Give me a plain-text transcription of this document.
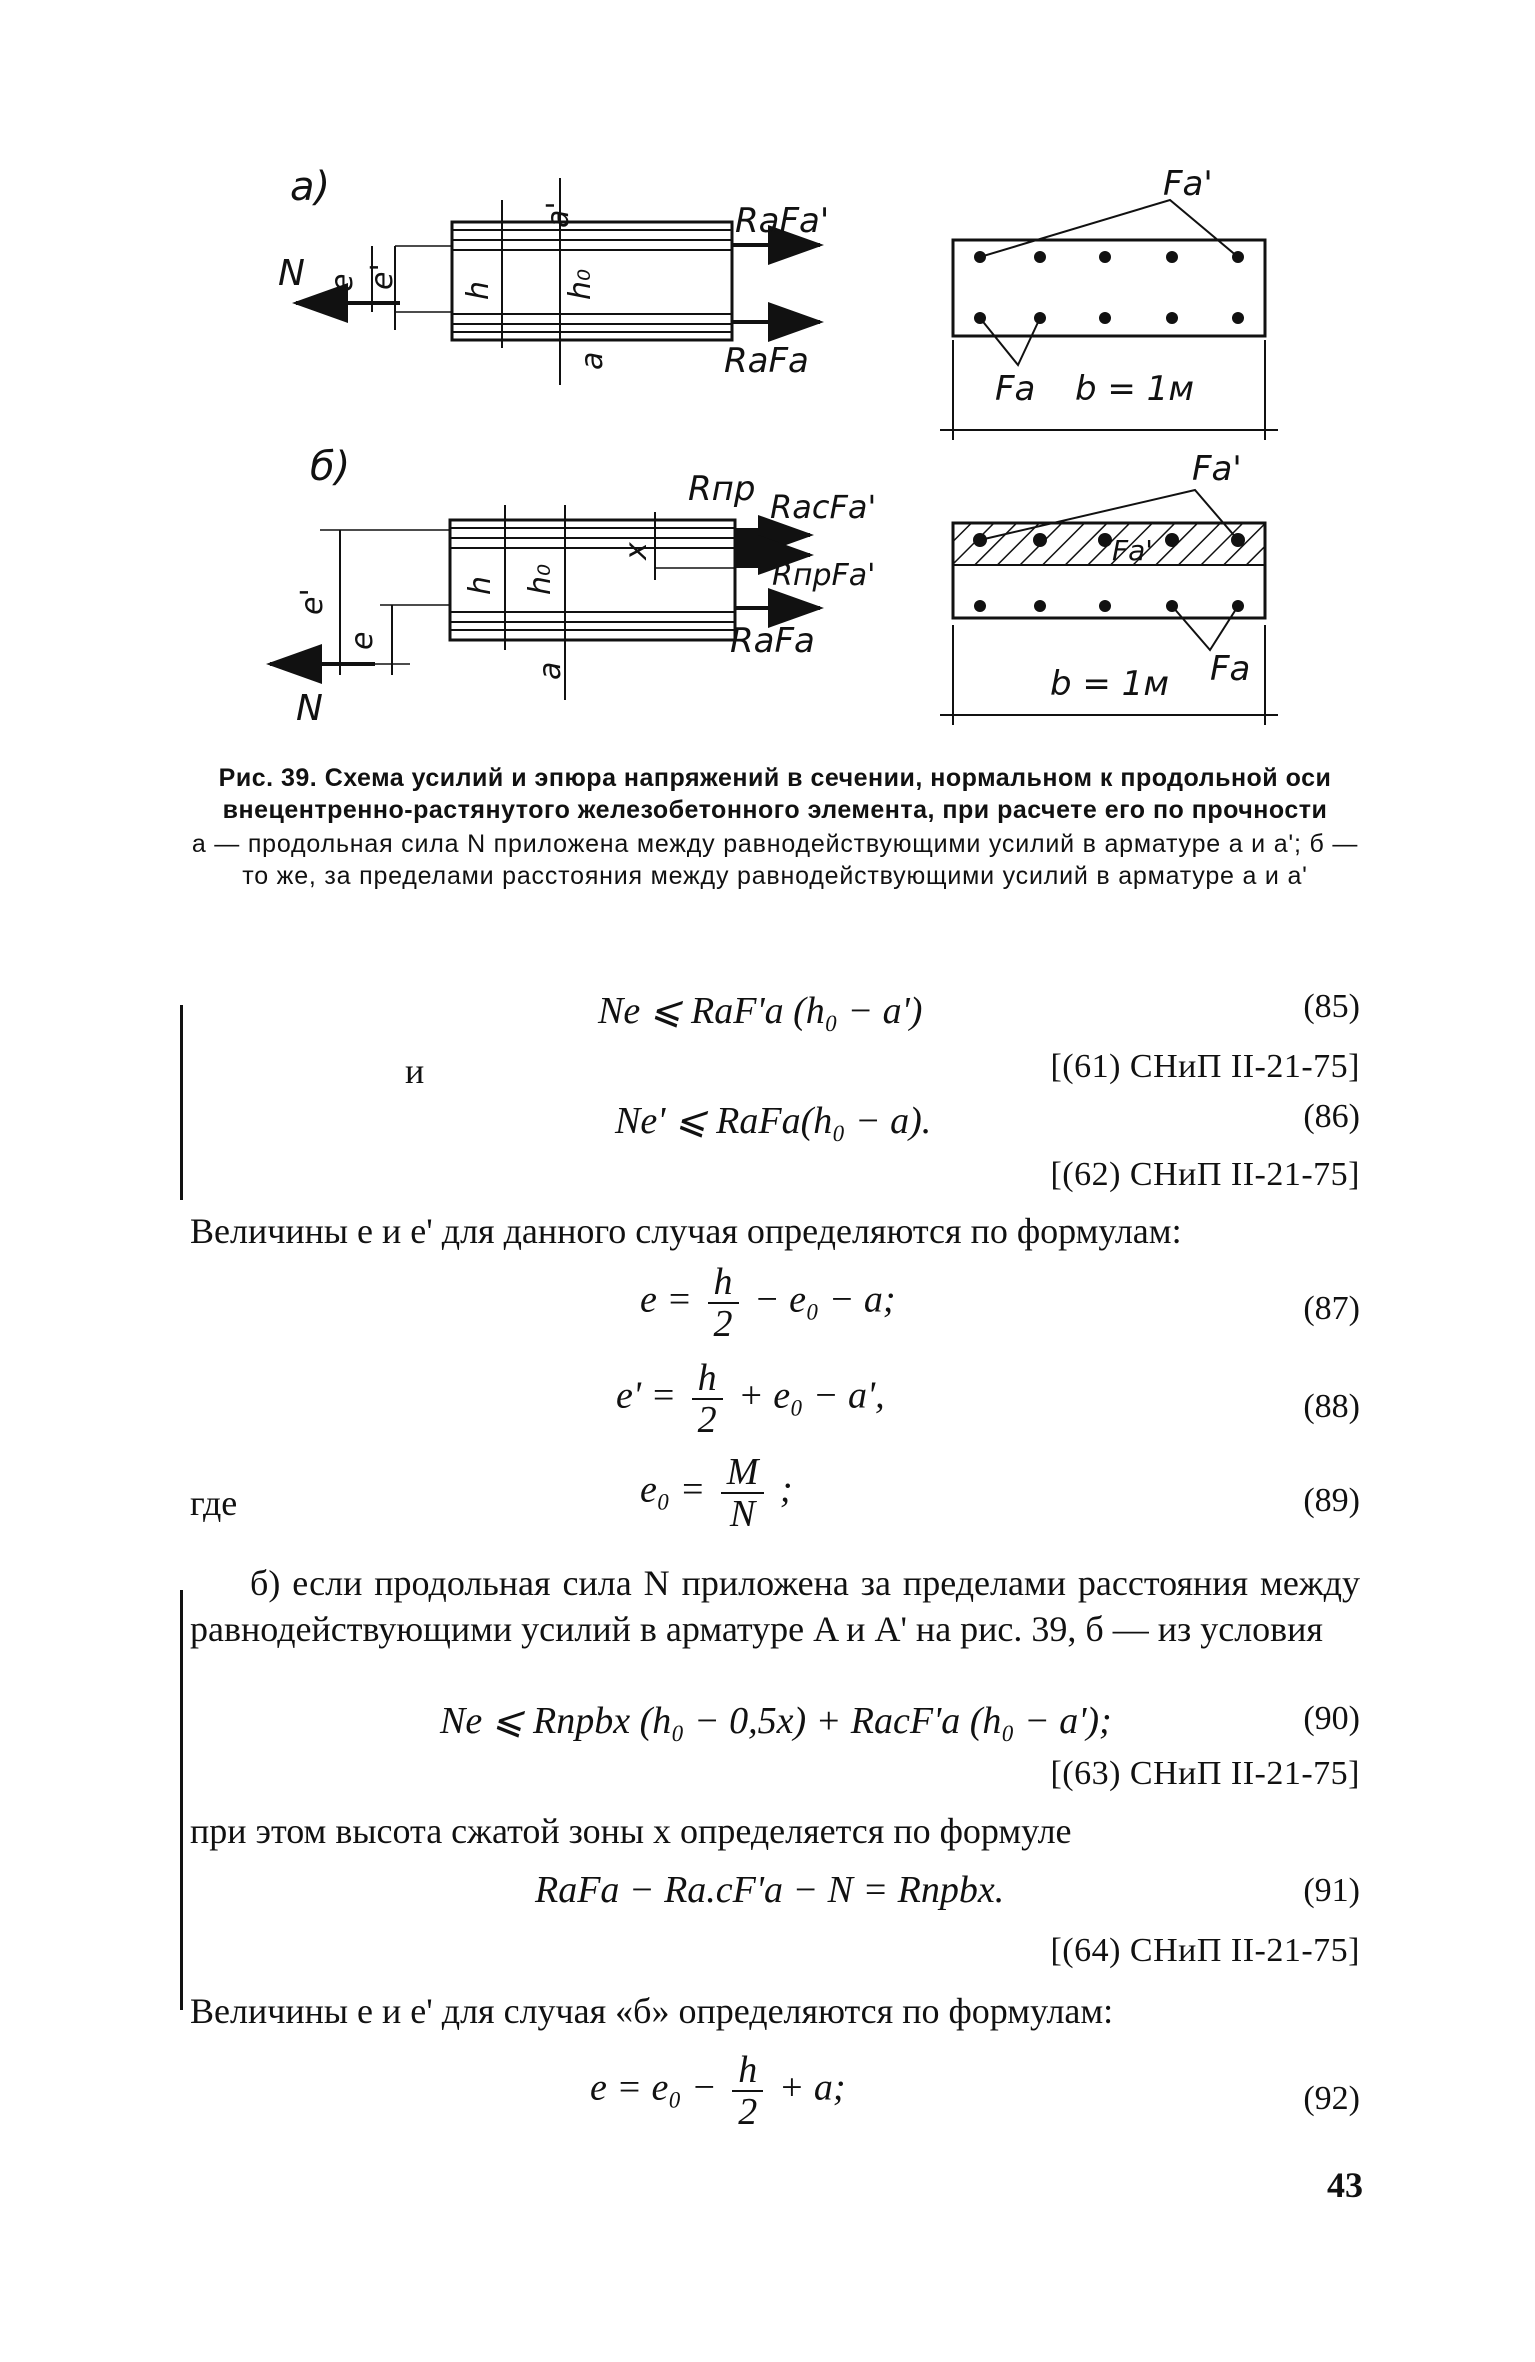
а)
N e e'
h h₀
a'
a
RaFa'
RaFa
Fa'
Fa b = 1м
б)
N
e'
e
h h₀
x
a
Rпр RacFa'
RпрFa'
RaFa
Fa'
Fa'
Fa
b = 1м
Рис. 39. Схема усилий и эпюра напряжений в сечении, нормальном к продольной оси внецентренно-растянутого железобетонного элемента, при расчете его по прочности
а — продольная сила N приложена между равнодействующими усилий в арматуре а и а'; б — то же, за пределами расстояния между равнодействующими усилий в арматуре а и а'
Ne ⩽ RaF'a (h₀ − a')	(85)
и	[(61) СНиП II-21-75]
Ne' ⩽ RaFa(h₀ − a).	(86)
[(62) СНиП II-21-75]
Величины e и e' для данного случая определяются по формулам:
$e = \frac{h}{2} - e_0 - a$;	(87)
$e' = \frac{h}{2} + e_0 - a'$,	(88)
где	$e_0 = \frac{M}{N}$ ;	(89)
б) если продольная сила N приложена за пределами расстояния между равнодействующими усилий в арматуре A и A' на рис. 39, б — из условия
Ne ⩽ Rпрbx (h₀ − 0,5x) + RacF'a (h₀ − a');	(90)
[(63) СНиП II-21-75]
при этом высота сжатой зоны x определяется по формуле
RaFa − Ra.cF'a − N = Rпрbx.	(91)
[(64) СНиП II-21-75]
Величины e и e' для случая «б» определяются по формулам:
$e = e_0 - \frac{h}{2} + a$;	(92)
43
